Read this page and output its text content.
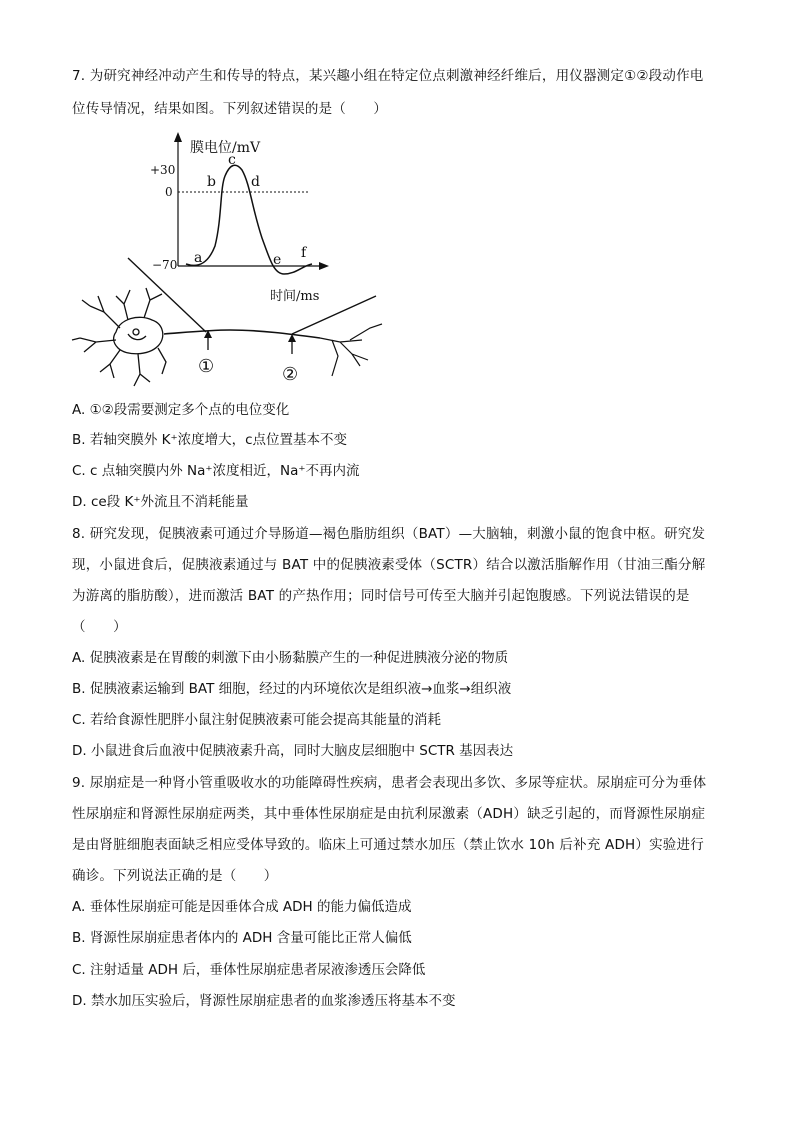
7. 为研究神经冲动产生和传导的特点，某兴趣小组在特定位点刺激神经纤维后，用仪器测定①②段动作电
位传导情况，结果如图。下列叙述错误的是（　　）
+30
0
−70
膜电位/mV
时间/ms
a
b
c
d
e f
①	②
A. ①②段需要测定多个点的电位变化
B. 若轴突膜外 K⁺浓度增大，c点位置基本不变
C. c 点轴突膜内外 Na⁺浓度相近，Na⁺不再内流
D. ce段 K⁺外流且不消耗能量
8. 研究发现，促胰液素可通过介导肠道—褐色脂肪组织（BAT）—大脑轴，刺激小鼠的饱食中枢。研究发
现，小鼠进食后，促胰液素通过与 BAT 中的促胰液素受体（SCTR）结合以激活脂解作用（甘油三酯分解
为游离的脂肪酸），进而激活 BAT 的产热作用；同时信号可传至大脑并引起饱腹感。下列说法错误的是
（　　）
A. 促胰液素是在胃酸的刺激下由小肠黏膜产生的一种促进胰液分泌的物质
B. 促胰液素运输到 BAT 细胞，经过的内环境依次是组织液→血浆→组织液
C. 若给食源性肥胖小鼠注射促胰液素可能会提高其能量的消耗
D. 小鼠进食后血液中促胰液素升高，同时大脑皮层细胞中 SCTR 基因表达
9. 尿崩症是一种肾小管重吸收水的功能障碍性疾病，患者会表现出多饮、多尿等症状。尿崩症可分为垂体
性尿崩症和肾源性尿崩症两类，其中垂体性尿崩症是由抗利尿激素（ADH）缺乏引起的，而肾源性尿崩症
是由肾脏细胞表面缺乏相应受体导致的。临床上可通过禁水加压（禁止饮水 10h 后补充 ADH）实验进行
确诊。下列说法正确的是（　　）
A. 垂体性尿崩症可能是因垂体合成 ADH 的能力偏低造成
B. 肾源性尿崩症患者体内的 ADH 含量可能比正常人偏低
C. 注射适量 ADH 后，垂体性尿崩症患者尿液渗透压会降低
D. 禁水加压实验后，肾源性尿崩症患者的血浆渗透压将基本不变
